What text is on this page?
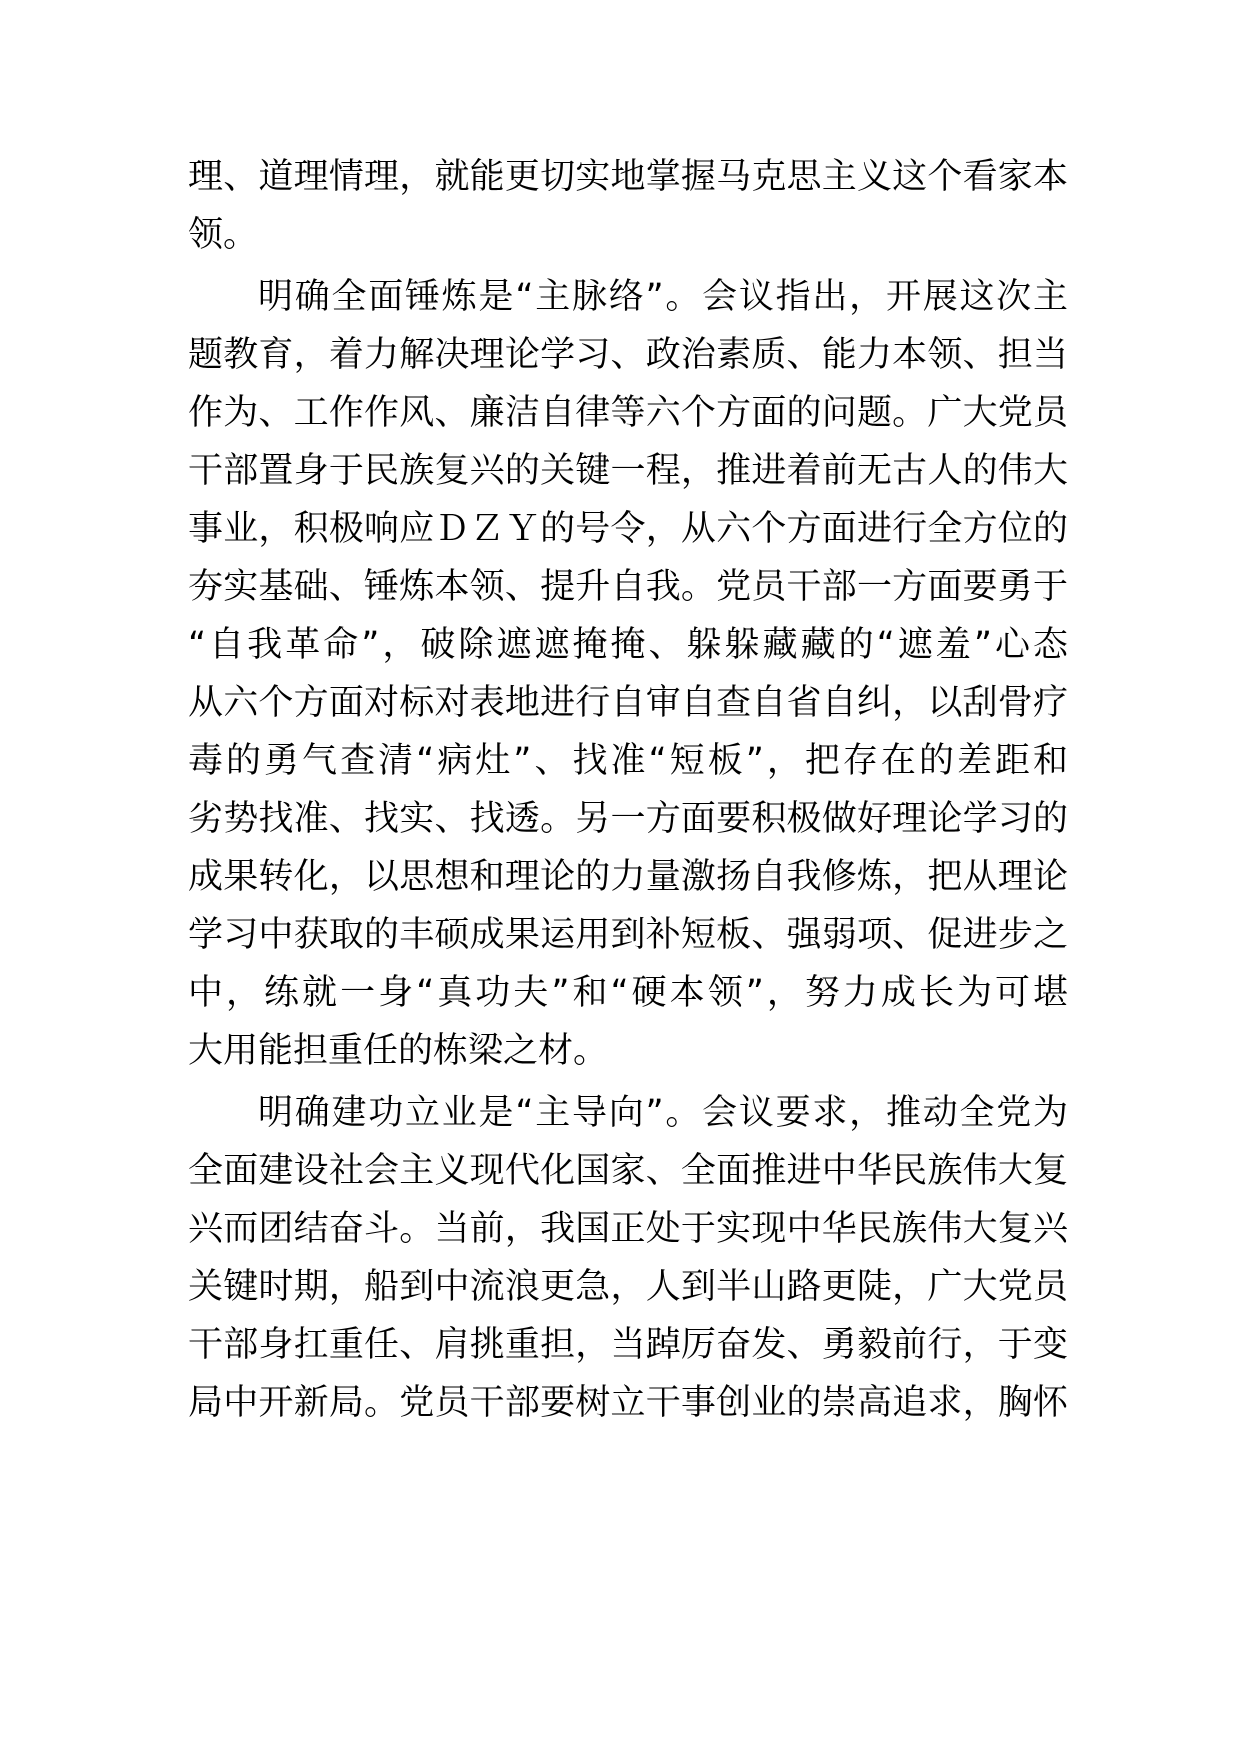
理、道理情理，就能更切实地掌握马克思主义这个看家本
领。
明确全面锤炼是“主脉络”。会议指出，开展这次主
题教育，着力解决理论学习、政治素质、能力本领、担当
作为、工作作风、廉洁自律等六个方面的问题。广大党员
干部置身于民族复兴的关键一程，推进着前无古人的伟大
事业，积极响应ＤＺＹ的号令，从六个方面进行全方位的
夯实基础、锤炼本领、提升自我。党员干部一方面要勇于
“自我革命”，破除遮遮掩掩、躲躲藏藏的“遮羞”心态
从六个方面对标对表地进行自审自查自省自纠，以刮骨疗
毒的勇气查清“病灶”、找准“短板”，把存在的差距和
劣势找准、找实、找透。另一方面要积极做好理论学习的
成果转化，以思想和理论的力量激扬自我修炼，把从理论
学习中获取的丰硕成果运用到补短板、强弱项、促进步之
中，练就一身“真功夫”和“硬本领”，努力成长为可堪
大用能担重任的栋梁之材。
明确建功立业是“主导向”。会议要求，推动全党为
全面建设社会主义现代化国家、全面推进中华民族伟大复
兴而团结奋斗。当前，我国正处于实现中华民族伟大复兴
关键时期，船到中流浪更急，人到半山路更陡，广大党员
干部身扛重任、肩挑重担，当踔厉奋发、勇毅前行，于变
局中开新局。党员干部要树立干事创业的崇高追求，胸怀
